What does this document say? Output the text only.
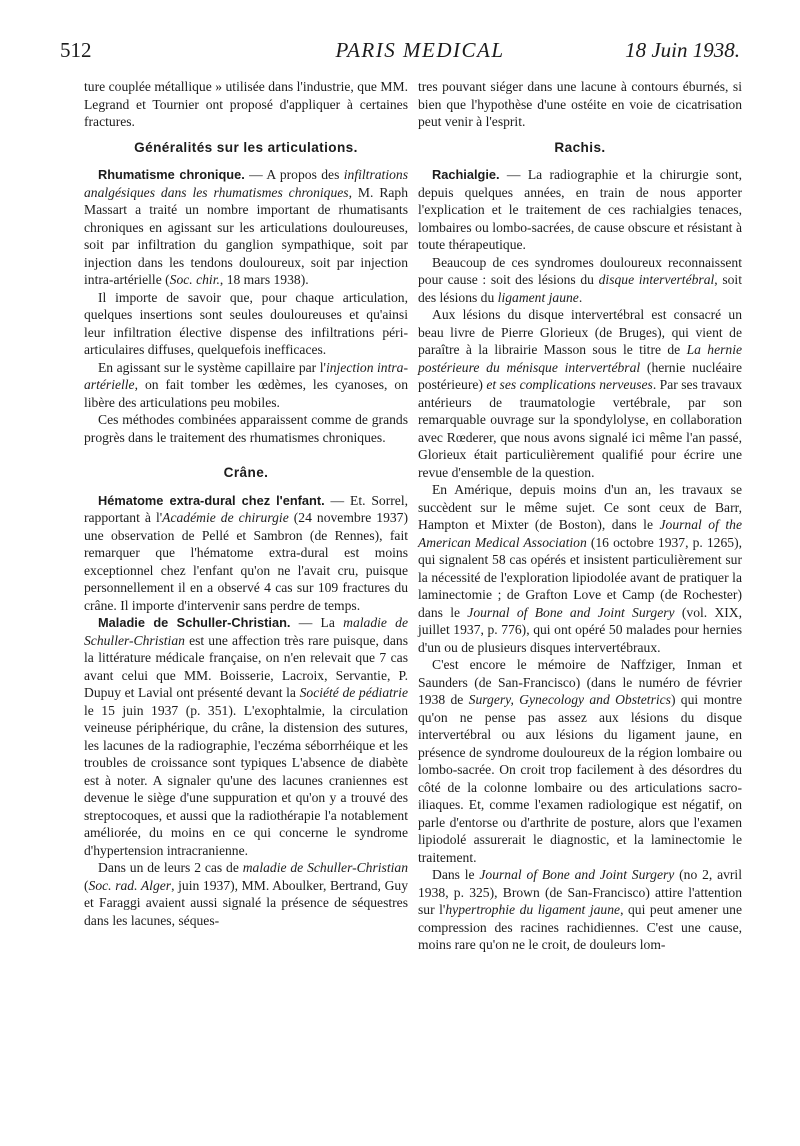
512	PARIS MEDICAL	18 Juin 1938.

ture couplée métallique » utilisée dans l'industrie, que MM. Legrand et Tournier ont proposé d'appliquer à certaines fractures.

Généralités sur les articulations.

Rhumatisme chronique. — A propos des infiltrations analgésiques dans les rhumatismes chroniques, M. Raph Massart a traité un nombre important de rhumatisants chroniques en agissant sur les articulations douloureuses, soit par infiltration du ganglion sympathique, soit par injection dans les tendons douloureux, soit par injection intra-artérielle (Soc. chir., 18 mars 1938).

Il importe de savoir que, pour chaque articulation, quelques insertions sont seules douloureuses et qu'ainsi leur infiltration élective dispense des infiltrations péri-articulaires diffuses, quelquefois inefficaces.

En agissant sur le système capillaire par l'injection intra-artérielle, on fait tomber les œdèmes, les cyanoses, on libère des articulations peu mobiles.

Ces méthodes combinées apparaissent comme de grands progrès dans le traitement des rhumatismes chroniques.

Crâne.

Hématome extra-dural chez l'enfant. — Et. Sorrel, rapportant à l'Académie de chirurgie (24 novembre 1937) une observation de Pellé et Sambron (de Rennes), fait remarquer que l'hématome extra-dural est moins exceptionnel chez l'enfant qu'on ne l'avait cru, puisque personnellement il en a observé 4 cas sur 109 fractures du crâne. Il importe d'intervenir sans perdre de temps.

Maladie de Schuller-Christian. — La maladie de Schuller-Christian est une affection très rare puisque, dans la littérature médicale française, on n'en relevait que 7 cas avant celui que MM. Boisserie, Lacroix, Servantie, P. Dupuy et Lavial ont présenté devant la Société de pédiatrie le 15 juin 1937 (p. 351). L'exophtalmie, la circulation veineuse périphérique, du crâne, la distension des sutures, les lacunes de la radiographie, l'eczéma séborrhéique et les troubles de croissance sont typiques L'absence de diabète est à noter. A signaler qu'une des lacunes craniennes est devenue le siège d'une suppuration et qu'on y a trouvé des streptocoques, et aussi que la radiothérapie l'a notablement améliorée, du moins en ce qui concerne le syndrome d'hypertension intracranienne.

Dans un de leurs 2 cas de maladie de Schuller-Christian (Soc. rad. Alger, juin 1937), MM. Aboulker, Bertrand, Guy et Faraggi avaient aussi signalé la présence de séquestres dans les lacunes, séques-

tres pouvant siéger dans une lacune à contours éburnés, si bien que l'hypothèse d'une ostéite en voie de cicatrisation peut venir à l'esprit.

Rachis.

Rachialgie. — La radiographie et la chirurgie sont, depuis quelques années, en train de nous apporter l'explication et le traitement de ces rachialgies tenaces, lombaires ou lombo-sacrées, de cause obscure et résistant à toute thérapeutique.

Beaucoup de ces syndromes douloureux reconnaissent pour cause : soit des lésions du disque intervertébral, soit des lésions du ligament jaune.

Aux lésions du disque intervertébral est consacré un beau livre de Pierre Glorieux (de Bruges), qui vient de paraître à la librairie Masson sous le titre de La hernie postérieure du ménisque intervertébral (hernie nucléaire postérieure) et ses complications nerveuses. Par ses travaux antérieurs de traumatologie vertébrale, par son remarquable ouvrage sur la spondylolyse, en collaboration avec Rœderer, que nous avons signalé ici même l'an passé, Glorieux était particulièrement qualifié pour écrire une revue d'ensemble de la question.

En Amérique, depuis moins d'un an, les travaux se succèdent sur le même sujet. Ce sont ceux de Barr, Hampton et Mixter (de Boston), dans le Journal of the American Medical Association (16 octobre 1937, p. 1265), qui signalent 58 cas opérés et insistent particulièrement sur la nécessité de l'exploration lipiodolée avant de pratiquer la laminectomie ; de Grafton Love et Camp (de Rochester) dans le Journal of Bone and Joint Surgery (vol. XIX, juillet 1937, p. 776), qui ont opéré 50 malades pour hernies d'un ou de plusieurs disques intervertébraux.

C'est encore le mémoire de Naffziger, Inman et Saunders (de San-Francisco) (dans le numéro de février 1938 de Surgery, Gynecology and Obstetrics) qui montre qu'on ne pense pas assez aux lésions du disque intervertébral ou aux lésions du ligament jaune, en présence de syndrome douloureux de la région lombaire ou lombo-sacrée. On croit trop facilement à des désordres du côté de la colonne lombaire ou des articulations sacro-iliaques. Et, comme l'examen radiologique est négatif, on parle d'entorse ou d'arthrite de posture, alors que l'examen lipiodolé assurerait le diagnostic, et la laminectomie le traitement.

Dans le Journal of Bone and Joint Surgery (no 2, avril 1938, p. 325), Brown (de San-Francisco) attire l'attention sur l'hypertrophie du ligament jaune, qui peut amener une compression des racines rachidiennes. C'est une cause, moins rare qu'on ne le croit, de douleurs lom-
